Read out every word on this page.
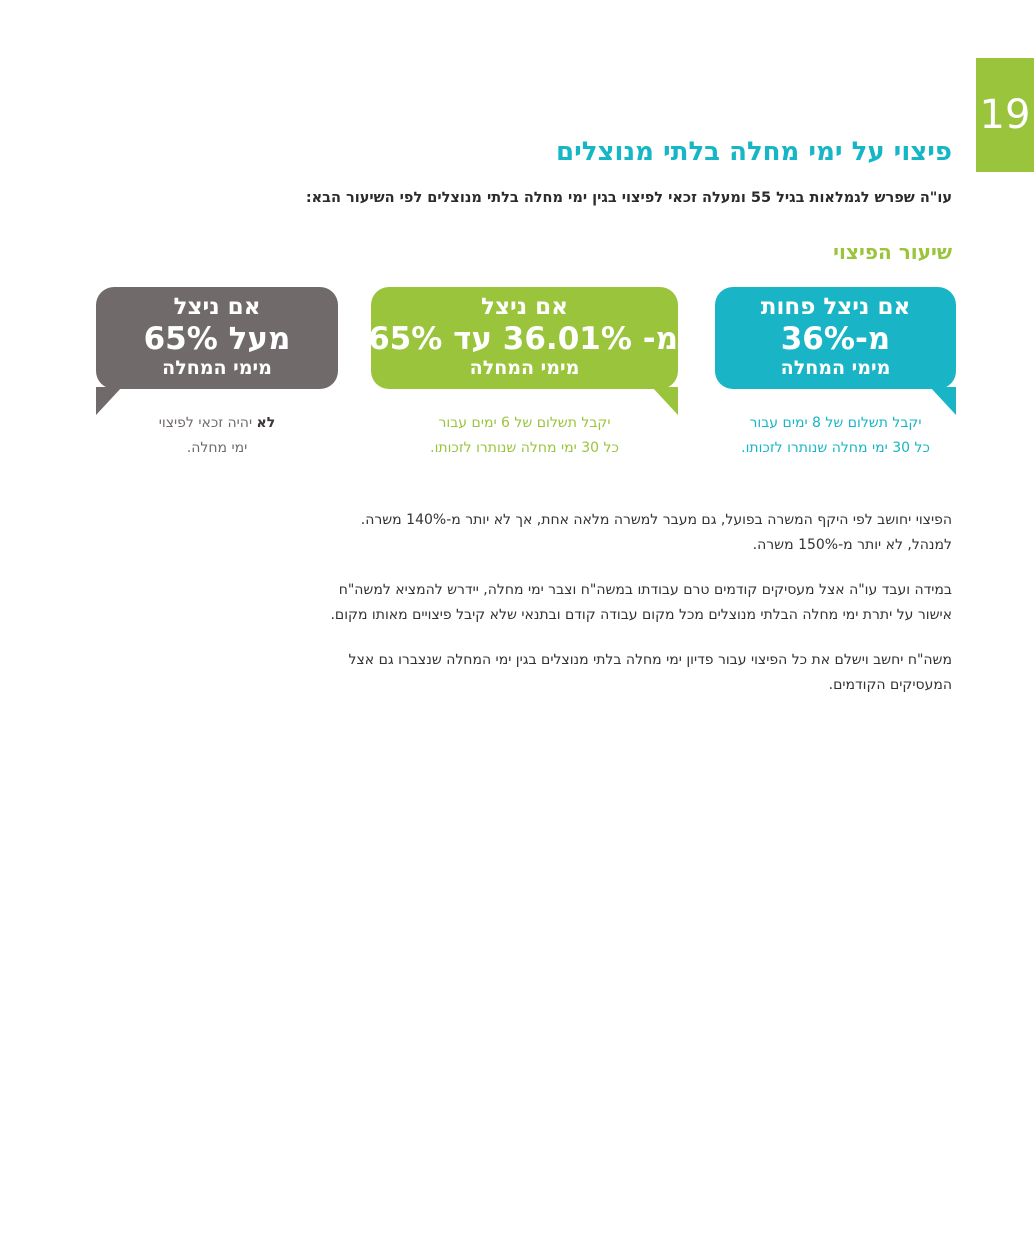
19
פיצוי על ימי מחלה בלתי מנוצלים

עו"ה שפרש לגמלאות בגיל 55 ומעלה זכאי לפיצוי בגין ימי מחלה בלתי מנוצלים לפי השיעור הבא:

שיעור הפיצוי
אם ניצל פחות
מ-36%
מימי המחלה

יקבל תשלום של 8 ימים עבור
כל 30 ימי מחלה שנותרו לזכותו.

אם ניצל
מ- 36.01% עד 65%
מימי המחלה

יקבל תשלום של 6 ימים עבור
כל 30 ימי מחלה שנותרו לזכותו.

אם ניצל
מעל 65%
מימי המחלה

לא יהיה זכאי לפיצוי
ימי מחלה.

הפיצוי יחושב לפי היקף המשרה בפועל, גם מעבר למשרה מלאה אחת, אך לא יותר מ-140% משרה.
למנהל, לא יותר מ-150% משרה.

במידה ועבד עו"ה אצל מעסיקים קודמים טרם עבודתו במשה"ח וצבר ימי מחלה, יידרש להמציא למשה"ח
אישור על יתרת ימי מחלה הבלתי מנוצלים מכל מקום עבודה קודם ובתנאי שלא קיבל פיצויים מאותו מקום.

משה"ח יחשב וישלם את כל הפיצוי עבור פדיון ימי מחלה בלתי מנוצלים בגין ימי המחלה שנצברו גם אצל
המעסיקים הקודמים.
